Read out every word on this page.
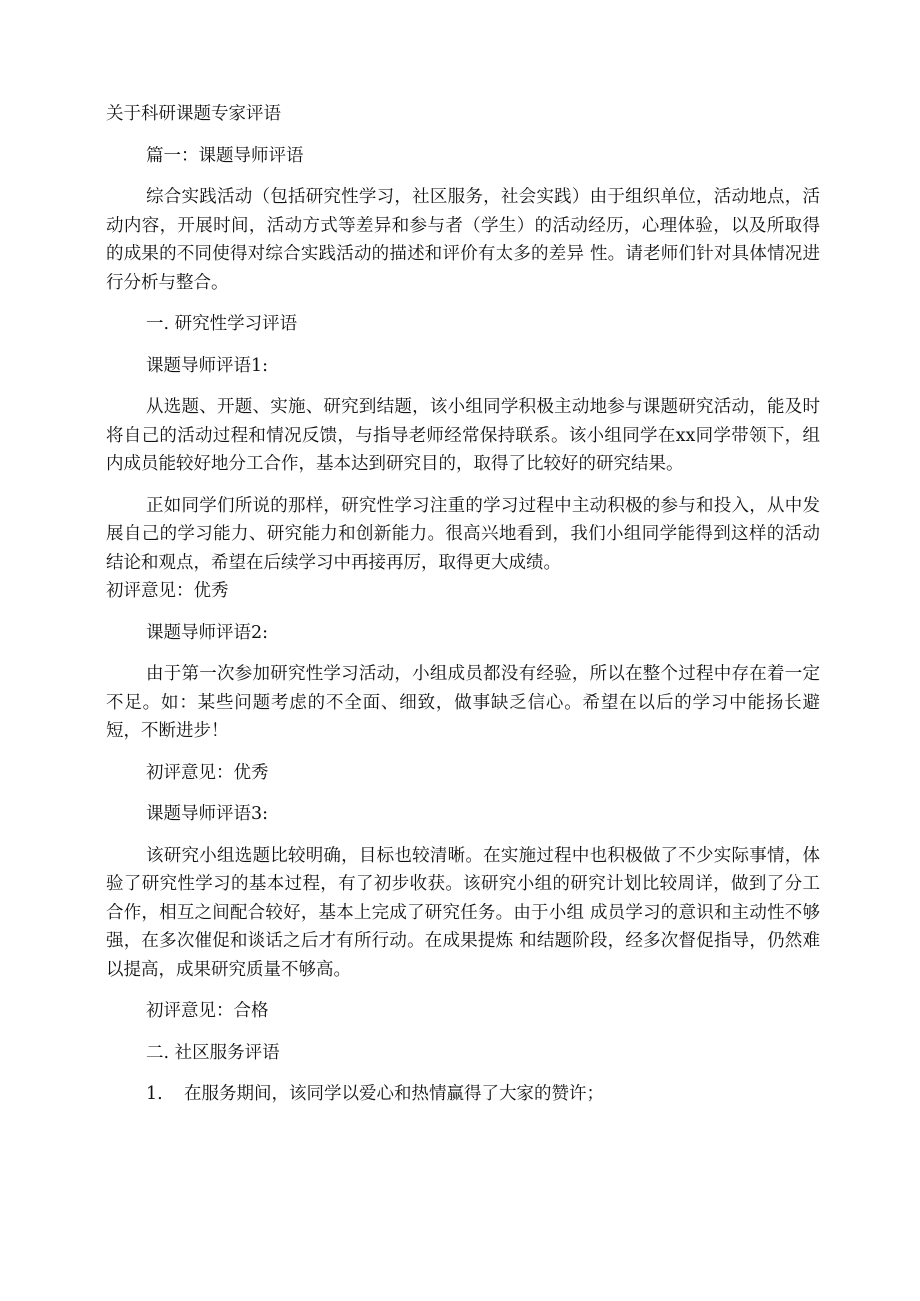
关于科研课题专家评语

篇一：课题导师评语

综合实践活动（包括研究性学习，社区服务，社会实践）由于组织单位，活动地点，活动内容，开展时间，活动方式等差异和参与者（学生）的活动经历，心理体验，以及所取得的成果的不同使得对综合实践活动的描述和评价有太多的差异 性。请老师们针对具体情况进行分析与整合。

一. 研究性学习评语

课题导师评语1:

从选题、开题、实施、研究到结题，该小组同学积极主动地参与课题研究活动，能及时将自己的活动过程和情况反馈，与指导老师经常保持联系。该小组同学在xx同学带领下，组内成员能较好地分工合作，基本达到研究目的，取得了比较好的研究结果。

正如同学们所说的那样，研究性学习注重的学习过程中主动积极的参与和投入，从中发展自己的学习能力、研究能力和创新能力。很高兴地看到，我们小组同学能得到这样的活动结论和观点，希望在后续学习中再接再厉，取得更大成绩。

初评意见：优秀

课题导师评语2:

由于第一次参加研究性学习活动，小组成员都没有经验，所以在整个过程中存在着一定不足。如：某些问题考虑的不全面、细致，做事缺乏信心。希望在以后的学习中能扬长避短，不断进步！

初评意见：优秀

课题导师评语3:

该研究小组选题比较明确，目标也较清晰。在实施过程中也积极做了不少实际事情，体验了研究性学习的基本过程，有了初步收获。该研究小组的研究计划比较周详，做到了分工合作，相互之间配合较好，基本上完成了研究任务。由于小组 成员学习的意识和主动性不够强，在多次催促和谈话之后才有所行动。在成果提炼 和结题阶段，经多次督促指导，仍然难以提高，成果研究质量不够高。

初评意见：合格

二. 社区服务评语

1. 在服务期间，该同学以爱心和热情赢得了大家的赞许；
